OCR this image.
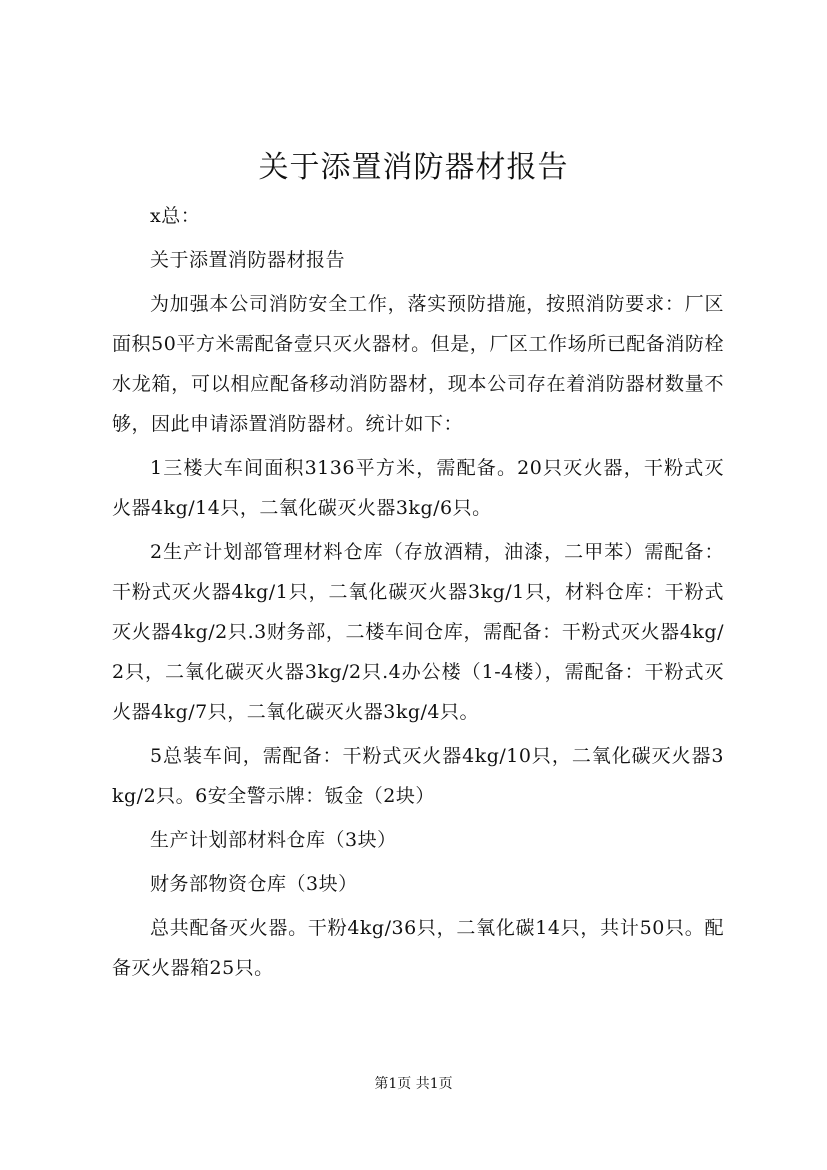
关于添置消防器材报告

x总：

关于添置消防器材报告

为加强本公司消防安全工作，落实预防措施，按照消防要求：厂区面积50平方米需配备壹只灭火器材。但是，厂区工作场所已配备消防栓水龙箱，可以相应配备移动消防器材，现本公司存在着消防器材数量不够，因此申请添置消防器材。统计如下：

1三楼大车间面积3136平方米，需配备。20只灭火器，干粉式灭火器4kg/14只，二氧化碳灭火器3kg/6只。

2生产计划部管理材料仓库（存放酒精，油漆，二甲苯）需配备：干粉式灭火器4kg/1只，二氧化碳灭火器3kg/1只，材料仓库：干粉式灭火器4kg/2只.3财务部，二楼车间仓库，需配备：干粉式灭火器4kg/2只，二氧化碳灭火器3kg/2只.4办公楼（1-4楼），需配备：干粉式灭火器4kg/7只，二氧化碳灭火器3kg/4只。

5总装车间，需配备：干粉式灭火器4kg/10只，二氧化碳灭火器3kg/2只。6安全警示牌：钣金（2块）

生产计划部材料仓库（3块）

财务部物资仓库（3块）

总共配备灭火器。干粉4kg/36只，二氧化碳14只，共计50只。配备灭火器箱25只。

第1页 共1页
